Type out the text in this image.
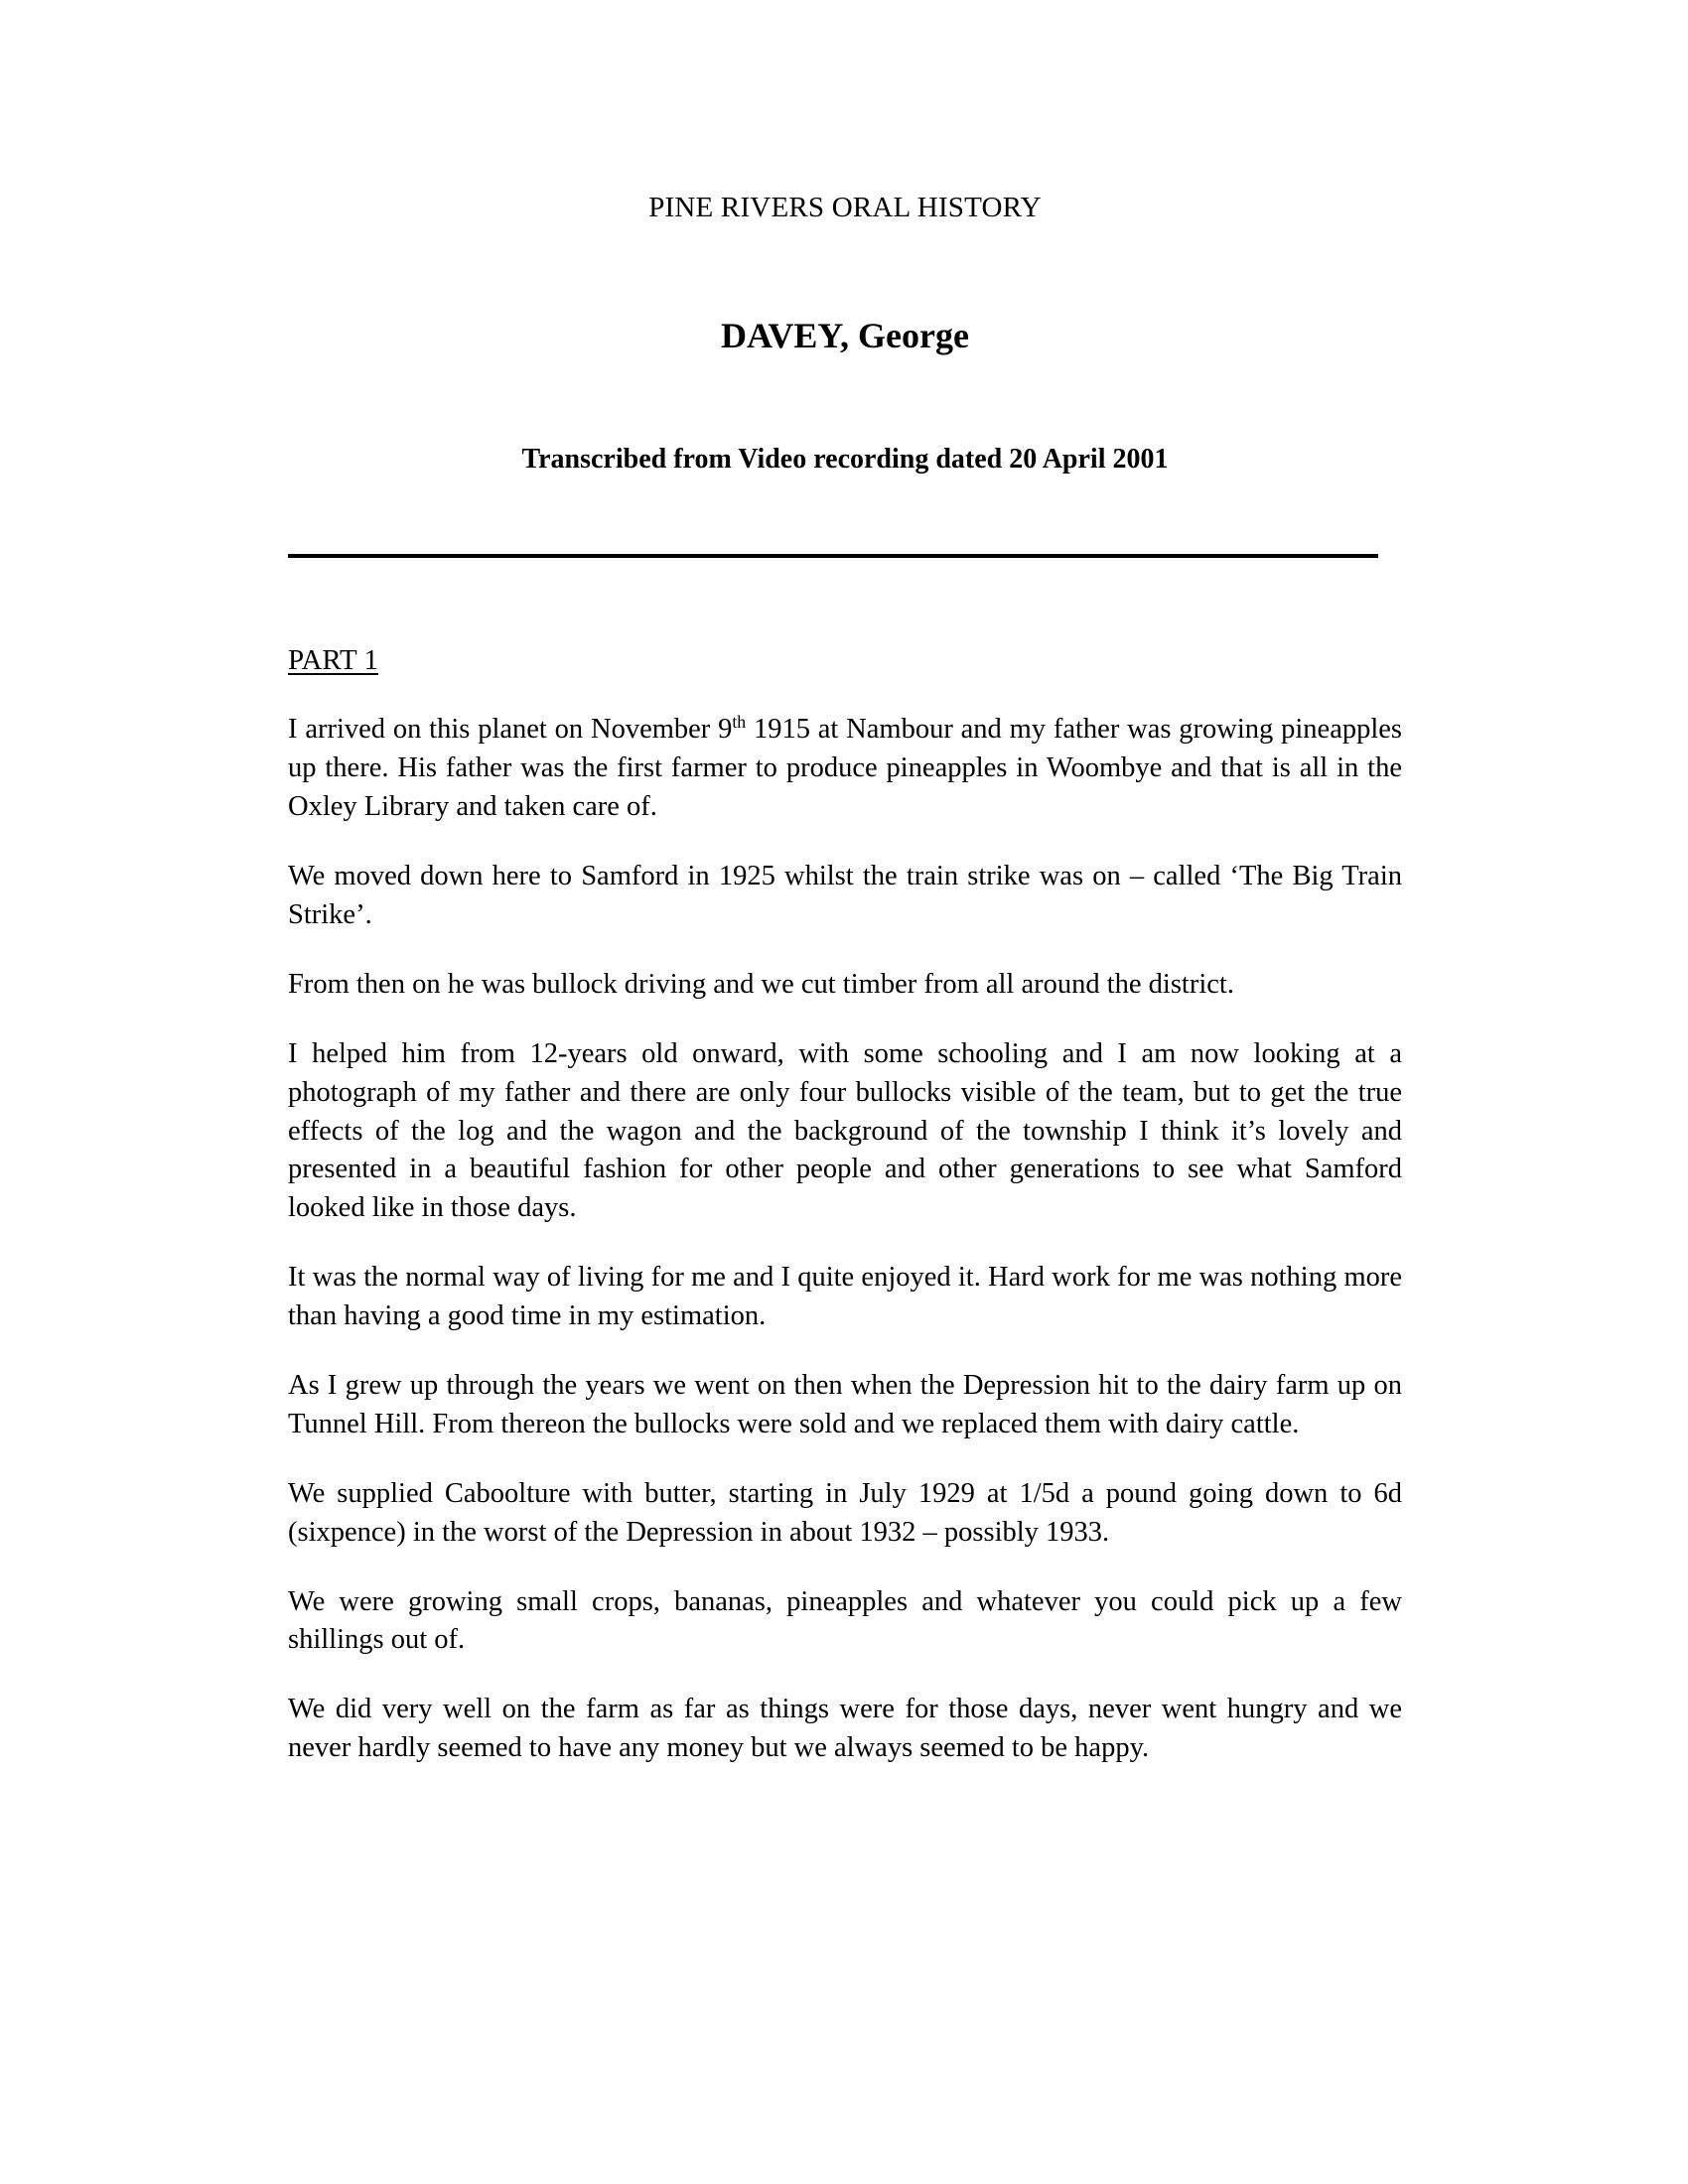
PINE RIVERS ORAL HISTORY
DAVEY, George
Transcribed from Video recording dated 20 April 2001
PART 1

I arrived on this planet on November 9th 1915 at Nambour and my father was growing pineapples up there. His father was the first farmer to produce pineapples in Woombye and that is all in the Oxley Library and taken care of.

We moved down here to Samford in 1925 whilst the train strike was on – called ‘The Big Train Strike’.

From then on he was bullock driving and we cut timber from all around the district.

I helped him from 12-years old onward, with some schooling and I am now looking at a photograph of my father and there are only four bullocks visible of the team, but to get the true effects of the log and the wagon and the background of the township I think it’s lovely and presented in a beautiful fashion for other people and other generations to see what Samford looked like in those days.

It was the normal way of living for me and I quite enjoyed it. Hard work for me was nothing more than having a good time in my estimation.

As I grew up through the years we went on then when the Depression hit to the dairy farm up on Tunnel Hill. From thereon the bullocks were sold and we replaced them with dairy cattle.

We supplied Caboolture with butter, starting in July 1929 at 1/5d a pound going down to 6d (sixpence) in the worst of the Depression in about 1932 – possibly 1933.

We were growing small crops, bananas, pineapples and whatever you could pick up a few shillings out of.

We did very well on the farm as far as things were for those days, never went hungry and we never hardly seemed to have any money but we always seemed to be happy.
